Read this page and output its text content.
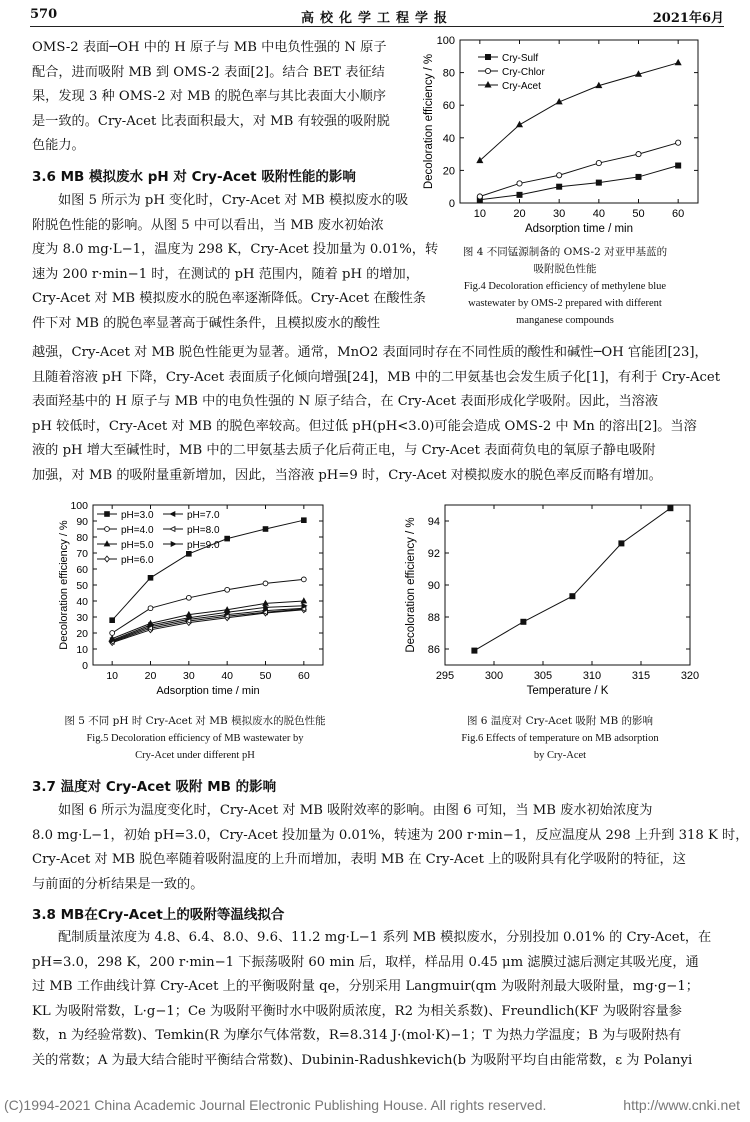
570	高校化学工程学报	2021年6月
OMS-2 表面─OH 中的 H 原子与 MB 中电负性强的 N 原子
配合，进而吸附 MB 到 OMS-2 表面[2]。结合 BET 表征结
果，发现 3 种 OMS-2 对 MB 的脱色率与其比表面大小顺序
是一致的。Cry-Acet 比表面积最大，对 MB 有较强的吸附脱
色能力。
3.6 MB 模拟废水 pH 对 Cry-Acet 吸附性能的影响
如图 5 所示为 pH 变化时，Cry-Acet 对 MB 模拟废水的吸
附脱色性能的影响。从图 5 中可以看出，当 MB 废水初始浓
度为 8.0 mg·L−1，温度为 298 K，Cry-Acet 投加量为 0.01%，转
速为 200 r·min−1 时，在测试的 pH 范围内，随着 pH 的增加，
Cry-Acet 对 MB 模拟废水的脱色率逐渐降低。Cry-Acet 在酸性条
件下对 MB 的脱色率显著高于碱性条件，且模拟废水的酸性
越强，Cry-Acet 对 MB 脱色性能更为显著。通常，MnO2 表面同时存在不同性质的酸性和碱性─OH 官能团[23]，
且随着溶液 pH 下降，Cry-Acet 表面质子化倾向增强[24]，MB 中的二甲氨基也会发生质子化[1]，有利于 Cry-Acet
表面羟基中的 H 原子与 MB 中的电负性强的 N 原子结合，在 Cry-Acet 表面形成化学吸附。因此，当溶液
pH 较低时，Cry-Acet 对 MB 的脱色率较高。但过低 pH(pH<3.0)可能会造成 OMS-2 中 Mn 的溶出[2]。当溶
液的 pH 增大至碱性时，MB 中的二甲氨基去质子化后荷正电，与 Cry-Acet 表面荷负电的氧原子静电吸附
加强，对 MB 的吸附量重新增加，因此，当溶液 pH=9 时，Cry-Acet 对模拟废水的脱色率反而略有增加。
10 20 30 40 50 60
0
20
40
60
80
100
Adsorption time / min
Decoloration efficiency / %	Cry-Sulf
Cry-Chlor
Cry-Acet
图 4 不同锰源制备的 OMS-2 对亚甲基蓝的
吸附脱色性能
Fig.4 Decoloration efficiency of methylene blue
wastewater by OMS-2 prepared with different
manganese compounds
10	20	30	40	50	60
0
10
20
30
40
50
60
70
80
90
100
Adsorption time / min
Decoloration efficiency / %
pH=3.0
pH=4.0
pH=5.0
pH=6.0
pH=7.0
pH=8.0
pH=9.0
图 5 不同 pH 时 Cry-Acet 对 MB 模拟废水的脱色性能
Fig.5 Decoloration efficiency of MB wastewater by
Cry-Acet under different pH
295	300	305	310	315	320
86
88
90
92
94
Temperature / K
Decoloration efficiency / %
图 6 温度对 Cry-Acet 吸附 MB 的影响
Fig.6 Effects of temperature on MB adsorption
by Cry-Acet
3.7 温度对 Cry-Acet 吸附 MB 的影响
如图 6 所示为温度变化时，Cry-Acet 对 MB 吸附效率的影响。由图 6 可知，当 MB 废水初始浓度为
8.0 mg·L−1，初始 pH=3.0，Cry-Acet 投加量为 0.01%，转速为 200 r·min−1，反应温度从 298 上升到 318 K 时，
Cry-Acet 对 MB 脱色率随着吸附温度的上升而增加，表明 MB 在 Cry-Acet 上的吸附具有化学吸附的特征，这
与前面的分析结果是一致的。
3.8 MB在Cry-Acet上的吸附等温线拟合
配制质量浓度为 4.8、6.4、8.0、9.6、11.2 mg·L−1 系列 MB 模拟废水，分别投加 0.01% 的 Cry-Acet，在
pH=3.0，298 K，200 r·min−1 下振荡吸附 60 min 后，取样，样品用 0.45 μm 滤膜过滤后测定其吸光度，通
过 MB 工作曲线计算 Cry-Acet 上的平衡吸附量 qe，分别采用 Langmuir(qm 为吸附剂最大吸附量，mg·g−1；
KL 为吸附常数，L·g−1；Ce 为吸附平衡时水中吸附质浓度，R2 为相关系数)、Freundlich(KF 为吸附容量参
数，n 为经验常数)、Temkin(R 为摩尔气体常数，R=8.314 J·(mol·K)−1；T 为热力学温度；B 为与吸附热有
关的常数；A 为最大结合能时平衡结合常数)、Dubinin-Radushkevich(b 为吸附平均自由能常数，ε 为 Polanyi
(C)1994-2021 China Academic Journal Electronic Publishing House. All rights reserved.	http://www.cnki.net
